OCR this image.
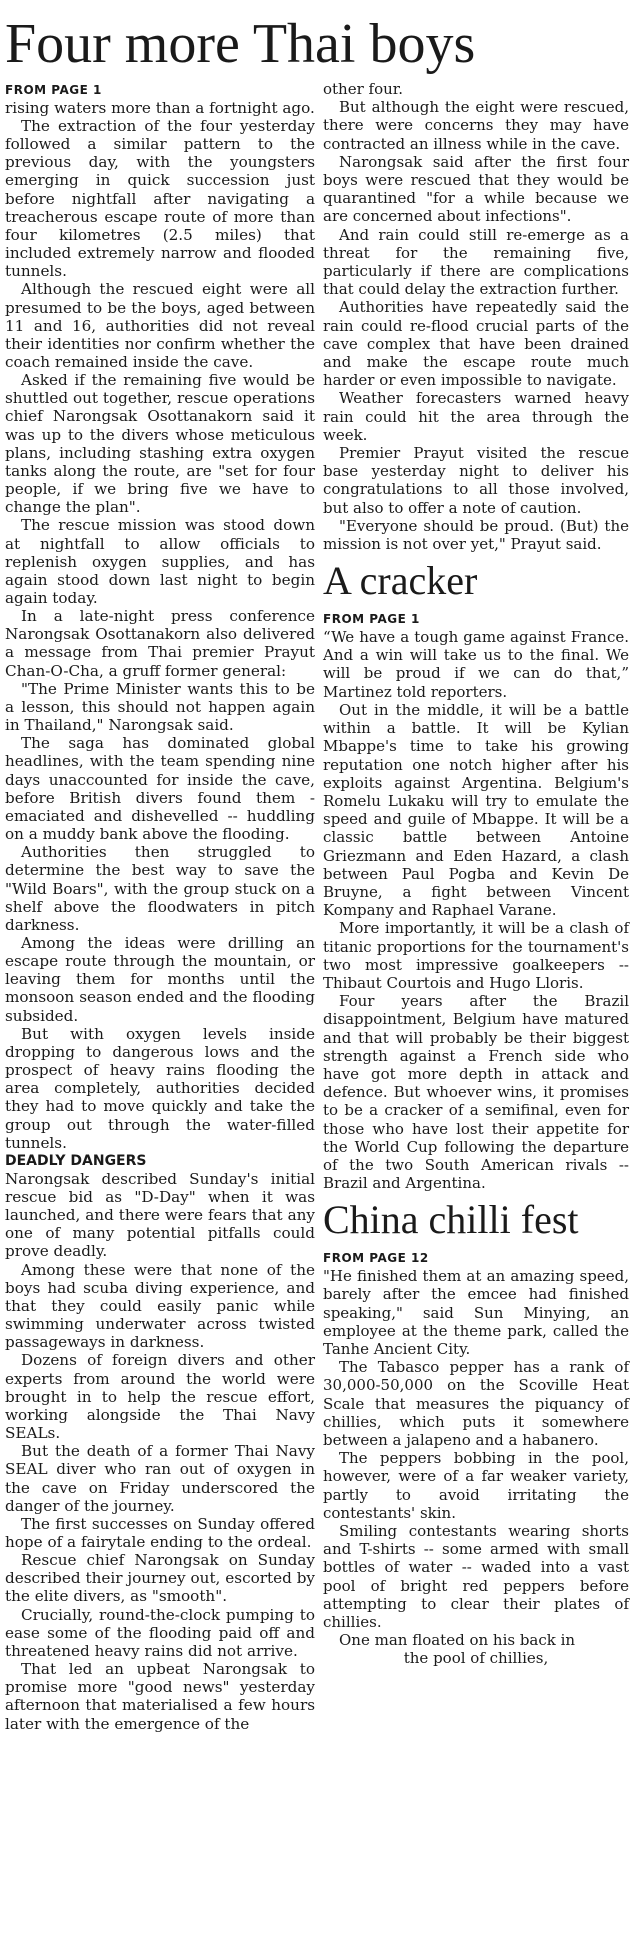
Four more Thai boys

FROM PAGE 1

rising waters more than a fortnight ago.

The extraction of the four yesterday followed a similar pattern to the previous day, with the youngsters emerging in quick succession just before nightfall after navigating a treacherous escape route of more than four kilometres (2.5 miles) that included extremely narrow and flooded tunnels.

Although the rescued eight were all presumed to be the boys, aged between 11 and 16, authorities did not reveal their identities nor confirm whether the coach remained inside the cave.

Asked if the remaining five would be shuttled out together, rescue operations chief Narongsak Osottanakorn said it was up to the divers whose meticulous plans, including stashing extra oxygen tanks along the route, are "set for four people, if we bring five we have to change the plan".

The rescue mission was stood down at nightfall to allow officials to replenish oxygen supplies, and has again stood down last night to begin again today.

In a late-night press conference Narongsak Osottanakorn also delivered a message from Thai premier Prayut Chan-O-Cha, a gruff former general:

"The Prime Minister wants this to be a lesson, this should not happen again in Thailand," Narongsak said.

The saga has dominated global headlines, with the team spending nine days unaccounted for inside the cave, before British divers found them - emaciated and dishevelled -- huddling on a muddy bank above the flooding.

Authorities then struggled to determine the best way to save the "Wild Boars", with the group stuck on a shelf above the floodwaters in pitch darkness.

Among the ideas were drilling an escape route through the mountain, or leaving them for months until the monsoon season ended and the flooding subsided.

But with oxygen levels inside dropping to dangerous lows and the prospect of heavy rains flooding the area completely, authorities decided they had to move quickly and take the group out through the water-filled tunnels.

DEADLY DANGERS

Narongsak described Sunday's initial rescue bid as "D-Day" when it was launched, and there were fears that any one of many potential pitfalls could prove deadly.

Among these were that none of the boys had scuba diving experience, and that they could easily panic while swimming underwater across twisted passageways in darkness.

Dozens of foreign divers and other experts from around the world were brought in to help the rescue effort, working alongside the Thai Navy SEALs.

But the death of a former Thai Navy SEAL diver who ran out of oxygen in the cave on Friday underscored the danger of the journey.

The first successes on Sunday offered hope of a fairytale ending to the ordeal.

Rescue chief Narongsak on Sunday described their journey out, escorted by the elite divers, as "smooth".

Crucially, round-the-clock pumping to ease some of the flooding paid off and threatened heavy rains did not arrive.

That led an upbeat Narongsak to promise more "good news" yesterday afternoon that materialised a few hours later with the emergence of the

other four.

But although the eight were rescued, there were concerns they may have contracted an illness while in the cave.

Narongsak said after the first four boys were rescued that they would be quarantined "for a while because we are concerned about infections".

And rain could still re-emerge as a threat for the remaining five, particularly if there are complications that could delay the extraction further.

Authorities have repeatedly said the rain could re-flood crucial parts of the cave complex that have been drained and make the escape route much harder or even impossible to navigate.

Weather forecasters warned heavy rain could hit the area through the week.

Premier Prayut visited the rescue base yesterday night to deliver his congratulations to all those involved, but also to offer a note of caution.

"Everyone should be proud. (But) the mission is not over yet," Prayut said.

A cracker

FROM PAGE 1

“We have a tough game against France. And a win will take us to the final. We will be proud if we can do that,” Martinez told reporters.

Out in the middle, it will be a battle within a battle. It will be Kylian Mbappe's time to take his growing reputation one notch higher after his exploits against Argentina. Belgium's Romelu Lukaku will try to emulate the speed and guile of Mbappe. It will be a classic battle between Antoine Griezmann and Eden Hazard, a clash between Paul Pogba and Kevin De Bruyne, a fight between Vincent Kompany and Raphael Varane.

More importantly, it will be a clash of titanic proportions for the tournament's two most impressive goalkeepers -- Thibaut Courtois and Hugo Lloris.

Four years after the Brazil disappointment, Belgium have matured and that will probably be their biggest strength against a French side who have got more depth in attack and defence. But whoever wins, it promises to be a cracker of a semifinal, even for those who have lost their appetite for the World Cup following the departure of the two South American rivals -- Brazil and Argentina.

China chilli fest

FROM PAGE 12

"He finished them at an amazing speed, barely after the emcee had finished speaking," said Sun Minying, an employee at the theme park, called the Tanhe Ancient City.

The Tabasco pepper has a rank of 30,000-50,000 on the Scoville Heat Scale that measures the piquancy of chillies, which puts it somewhere between a jalapeno and a habanero.

The peppers bobbing in the pool, however, were of a far weaker variety, partly to avoid irritating the contestants' skin.

Smiling contestants wearing shorts and T-shirts -- some armed with small bottles of water -- waded into a vast pool of bright red peppers before attempting to clear their plates of chillies.

One man floated on his back in

the pool of chillies,
